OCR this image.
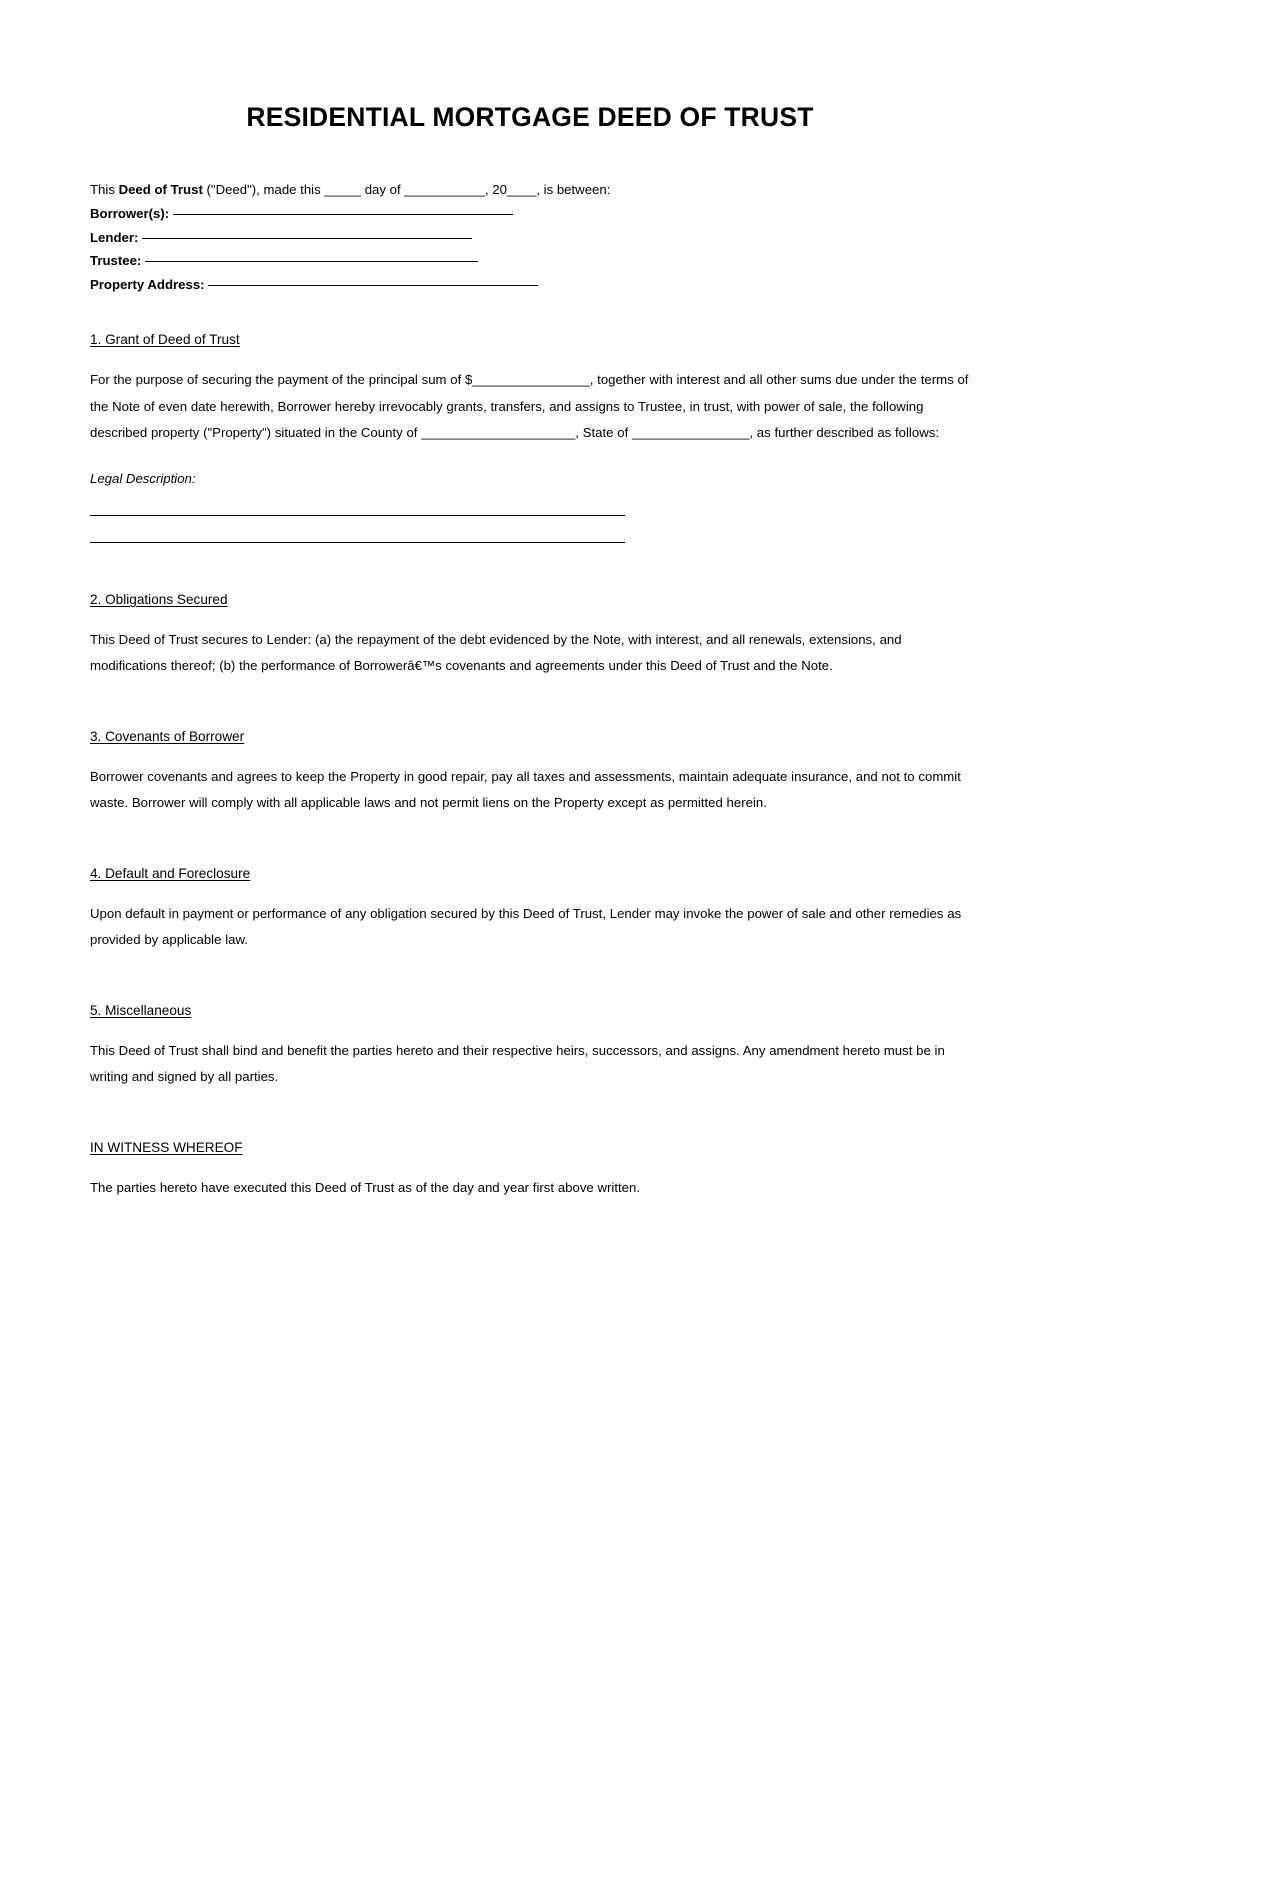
RESIDENTIAL MORTGAGE DEED OF TRUST
This Deed of Trust ("Deed"), made this _____ day of ___________, 20____, is between:
Borrower(s):
Lender:
Trustee:
Property Address:
1. Grant of Deed of Trust

For the purpose of securing the payment of the principal sum of $________________, together with interest and all other sums due under the terms of the Note of even date herewith, Borrower hereby irrevocably grants, transfers, and assigns to Trustee, in trust, with power of sale, the following described property ("Property") situated in the County of _____________________, State of ________________, as further described as follows:

Legal Description:

2. Obligations Secured

This Deed of Trust secures to Lender: (a) the repayment of the debt evidenced by the Note, with interest, and all renewals, extensions, and modifications thereof; (b) the performance of Borrowerâ€™s covenants and agreements under this Deed of Trust and the Note.

3. Covenants of Borrower

Borrower covenants and agrees to keep the Property in good repair, pay all taxes and assessments, maintain adequate insurance, and not to commit waste. Borrower will comply with all applicable laws and not permit liens on the Property except as permitted herein.

4. Default and Foreclosure

Upon default in payment or performance of any obligation secured by this Deed of Trust, Lender may invoke the power of sale and other remedies as provided by applicable law.

5. Miscellaneous

This Deed of Trust shall bind and benefit the parties hereto and their respective heirs, successors, and assigns. Any amendment hereto must be in writing and signed by all parties.

IN WITNESS WHEREOF

The parties hereto have executed this Deed of Trust as of the day and year first above written.
